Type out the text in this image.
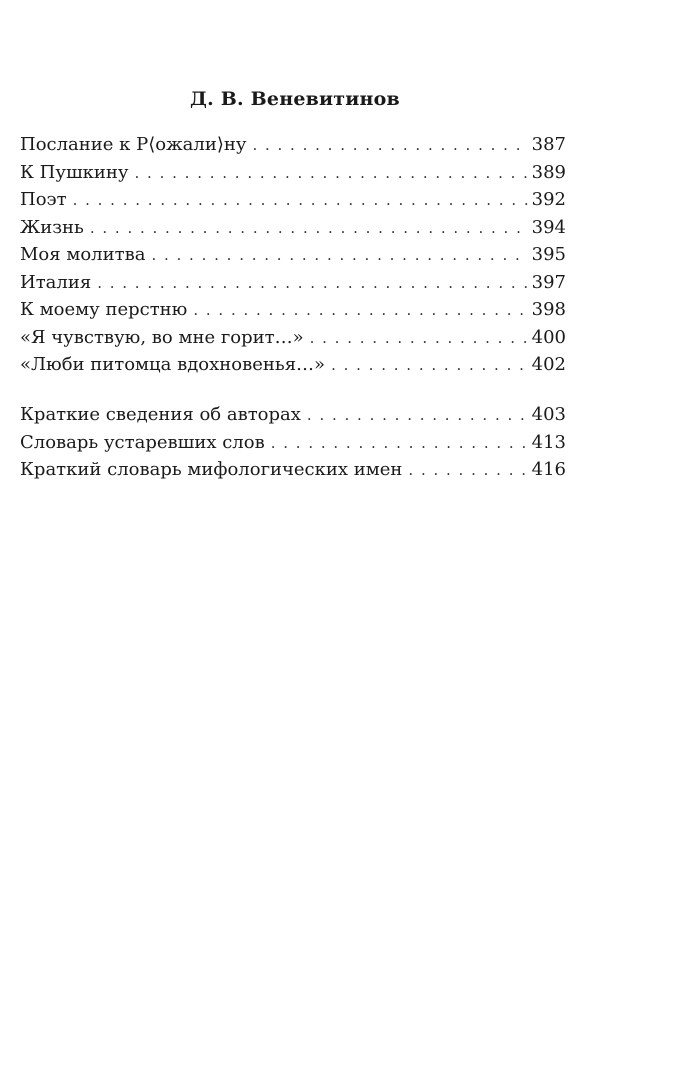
Д. В. Веневитинов
Послание к Р⟨ожали⟩ну . . .	387
К Пушкину . . .	389
Поэт . . .	392
Жизнь . . .	394
Моя молитва . . .	395
Италия . . .	397
К моему перстню . . .	398
«Я чувствую, во мне горит…» . . .	400
«Люби питомца вдохновенья…» . . .	402
Краткие сведения об авторах . . .	403
Словарь устаревших слов . . .	413
Краткий словарь мифологических имен . . .	416
